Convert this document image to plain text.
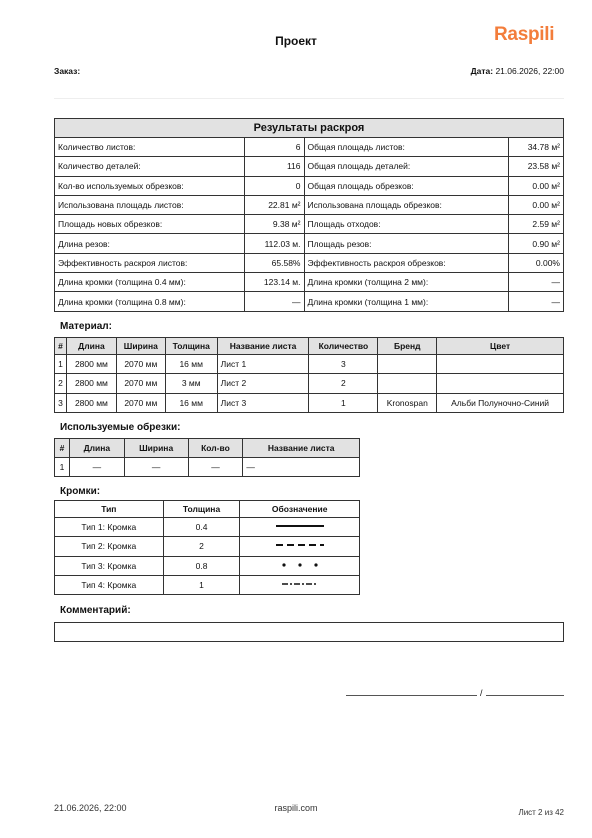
Проект	Raspili
Заказ:	Дата: 21.06.2026, 22:00
Результаты раскроя			
Количество листов:	6	Общая площадь листов:	34.78 м²
Количество деталей:	116	Общая площадь деталей:	23.58 м²
Кол-во используемых обрезков:	0	Общая площадь обрезков:	0.00 м²
Использована площадь листов:	22.81 м²	Использована площадь обрезков:	0.00 м²
Площадь новых обрезков:	9.38 м²	Площадь отходов:	2.59 м²
Длина резов:	112.03 м.	Площадь резов:	0.90 м²
Эффективность раскроя листов:	65.58%	Эффективность раскроя обрезков:	0.00%
Длина кромки (толщина 0.4 мм):	123.14 м.	Длина кромки (толщина 2 мм):	—
Длина кромки (толщина 0.8 мм):	—	Длина кромки (толщина 1 мм):	—
Материал:
#	Длина	Ширина	Толщина	Название листа	Количество	Бренд	Цвет
1	2800 мм	2070 мм	16 мм	Лист 1	3		
2	2800 мм	2070 мм	3 мм	Лист 2	2		
3	2800 мм	2070 мм	16 мм	Лист 3	1	Kronospan	Альби Полуночно-Синий
Используемые обрезки:
#	Длина	Ширина	Кол-во	Название листа
1	—	—	—	—
Кромки:
Тип	Толщина	Обозначение
Тип 1: Кромка	0.4	
Тип 2: Кромка	2	
Тип 3: Кромка	0.8	
Тип 4: Кромка	1	
Комментарий:
/
21.06.2026, 22:00	raspili.com	Лист 2 из 42
